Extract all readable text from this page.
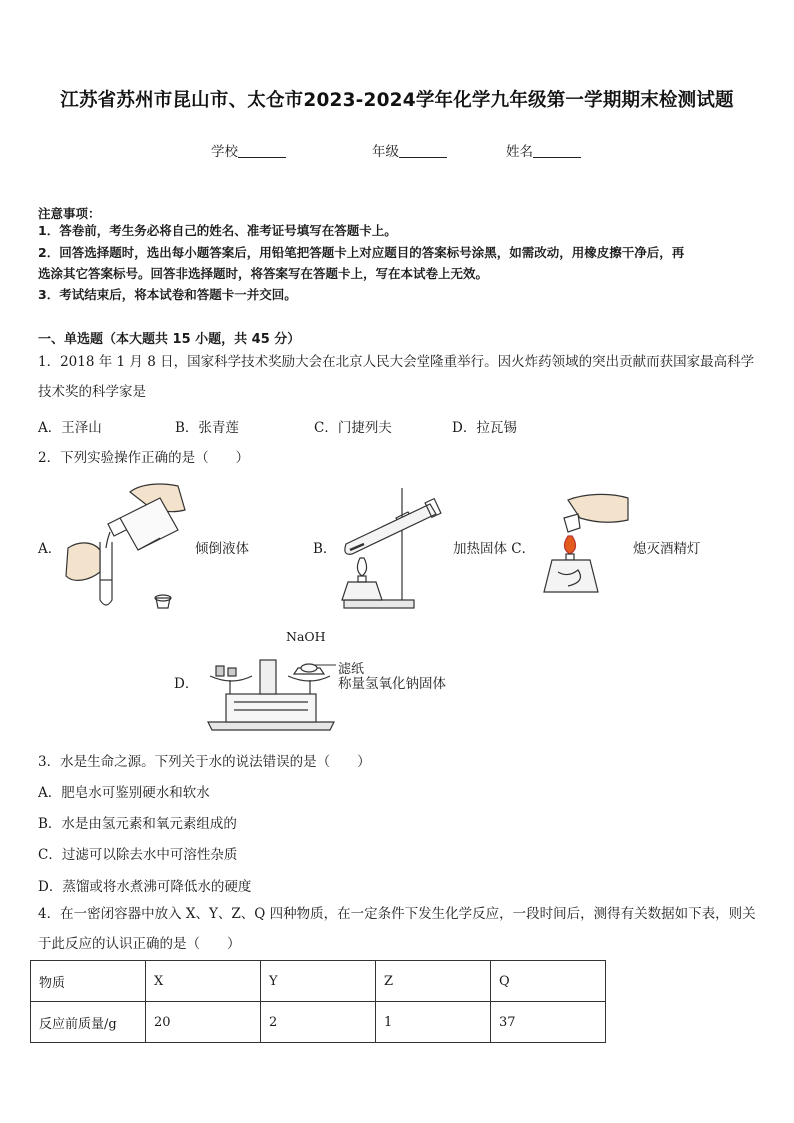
江苏省苏州市昆山市、太仓市2023-2024学年化学九年级第一学期期末检测试题
学校	年级	姓名
注意事项：
1．答卷前，考生务必将自己的姓名、准考证号填写在答题卡上。
2．回答选择题时，选出每小题答案后，用铅笔把答题卡上对应题目的答案标号涂黑，如需改动，用橡皮擦干净后，再
选涂其它答案标号。回答非选择题时，将答案写在答题卡上，写在本试卷上无效。
3．考试结束后，将本试卷和答题卡一并交回。
一、单选题（本大题共 15 小题，共 45 分）
1．2018 年 1 月 8 日，国家科学技术奖励大会在北京人民大会堂隆重举行。因火炸药领域的突出贡献而获国家最高科学技术奖的科学家是
A．王泽山	B．张青莲	C．门捷列夫	D．拉瓦锡
2．下列实验操作正确的是（　　）
A．	倾倒液体	B．	加热固体 C．	熄灭酒精灯
D．
NaOH
滤纸
称量氢氧化钠固体
3．水是生命之源。下列关于水的说法错误的是（　　）
A．肥皂水可鉴别硬水和软水
B．水是由氢元素和氧元素组成的
C．过滤可以除去水中可溶性杂质
D．蒸馏或将水煮沸可降低水的硬度
4．在一密闭容器中放入 X、Y、Z、Q 四种物质，在一定条件下发生化学反应，一段时间后，测得有关数据如下表，则关于此反应的认识正确的是（　　）
物质	X	Y	Z	Q
反应前质量/g	20	2	1	37
